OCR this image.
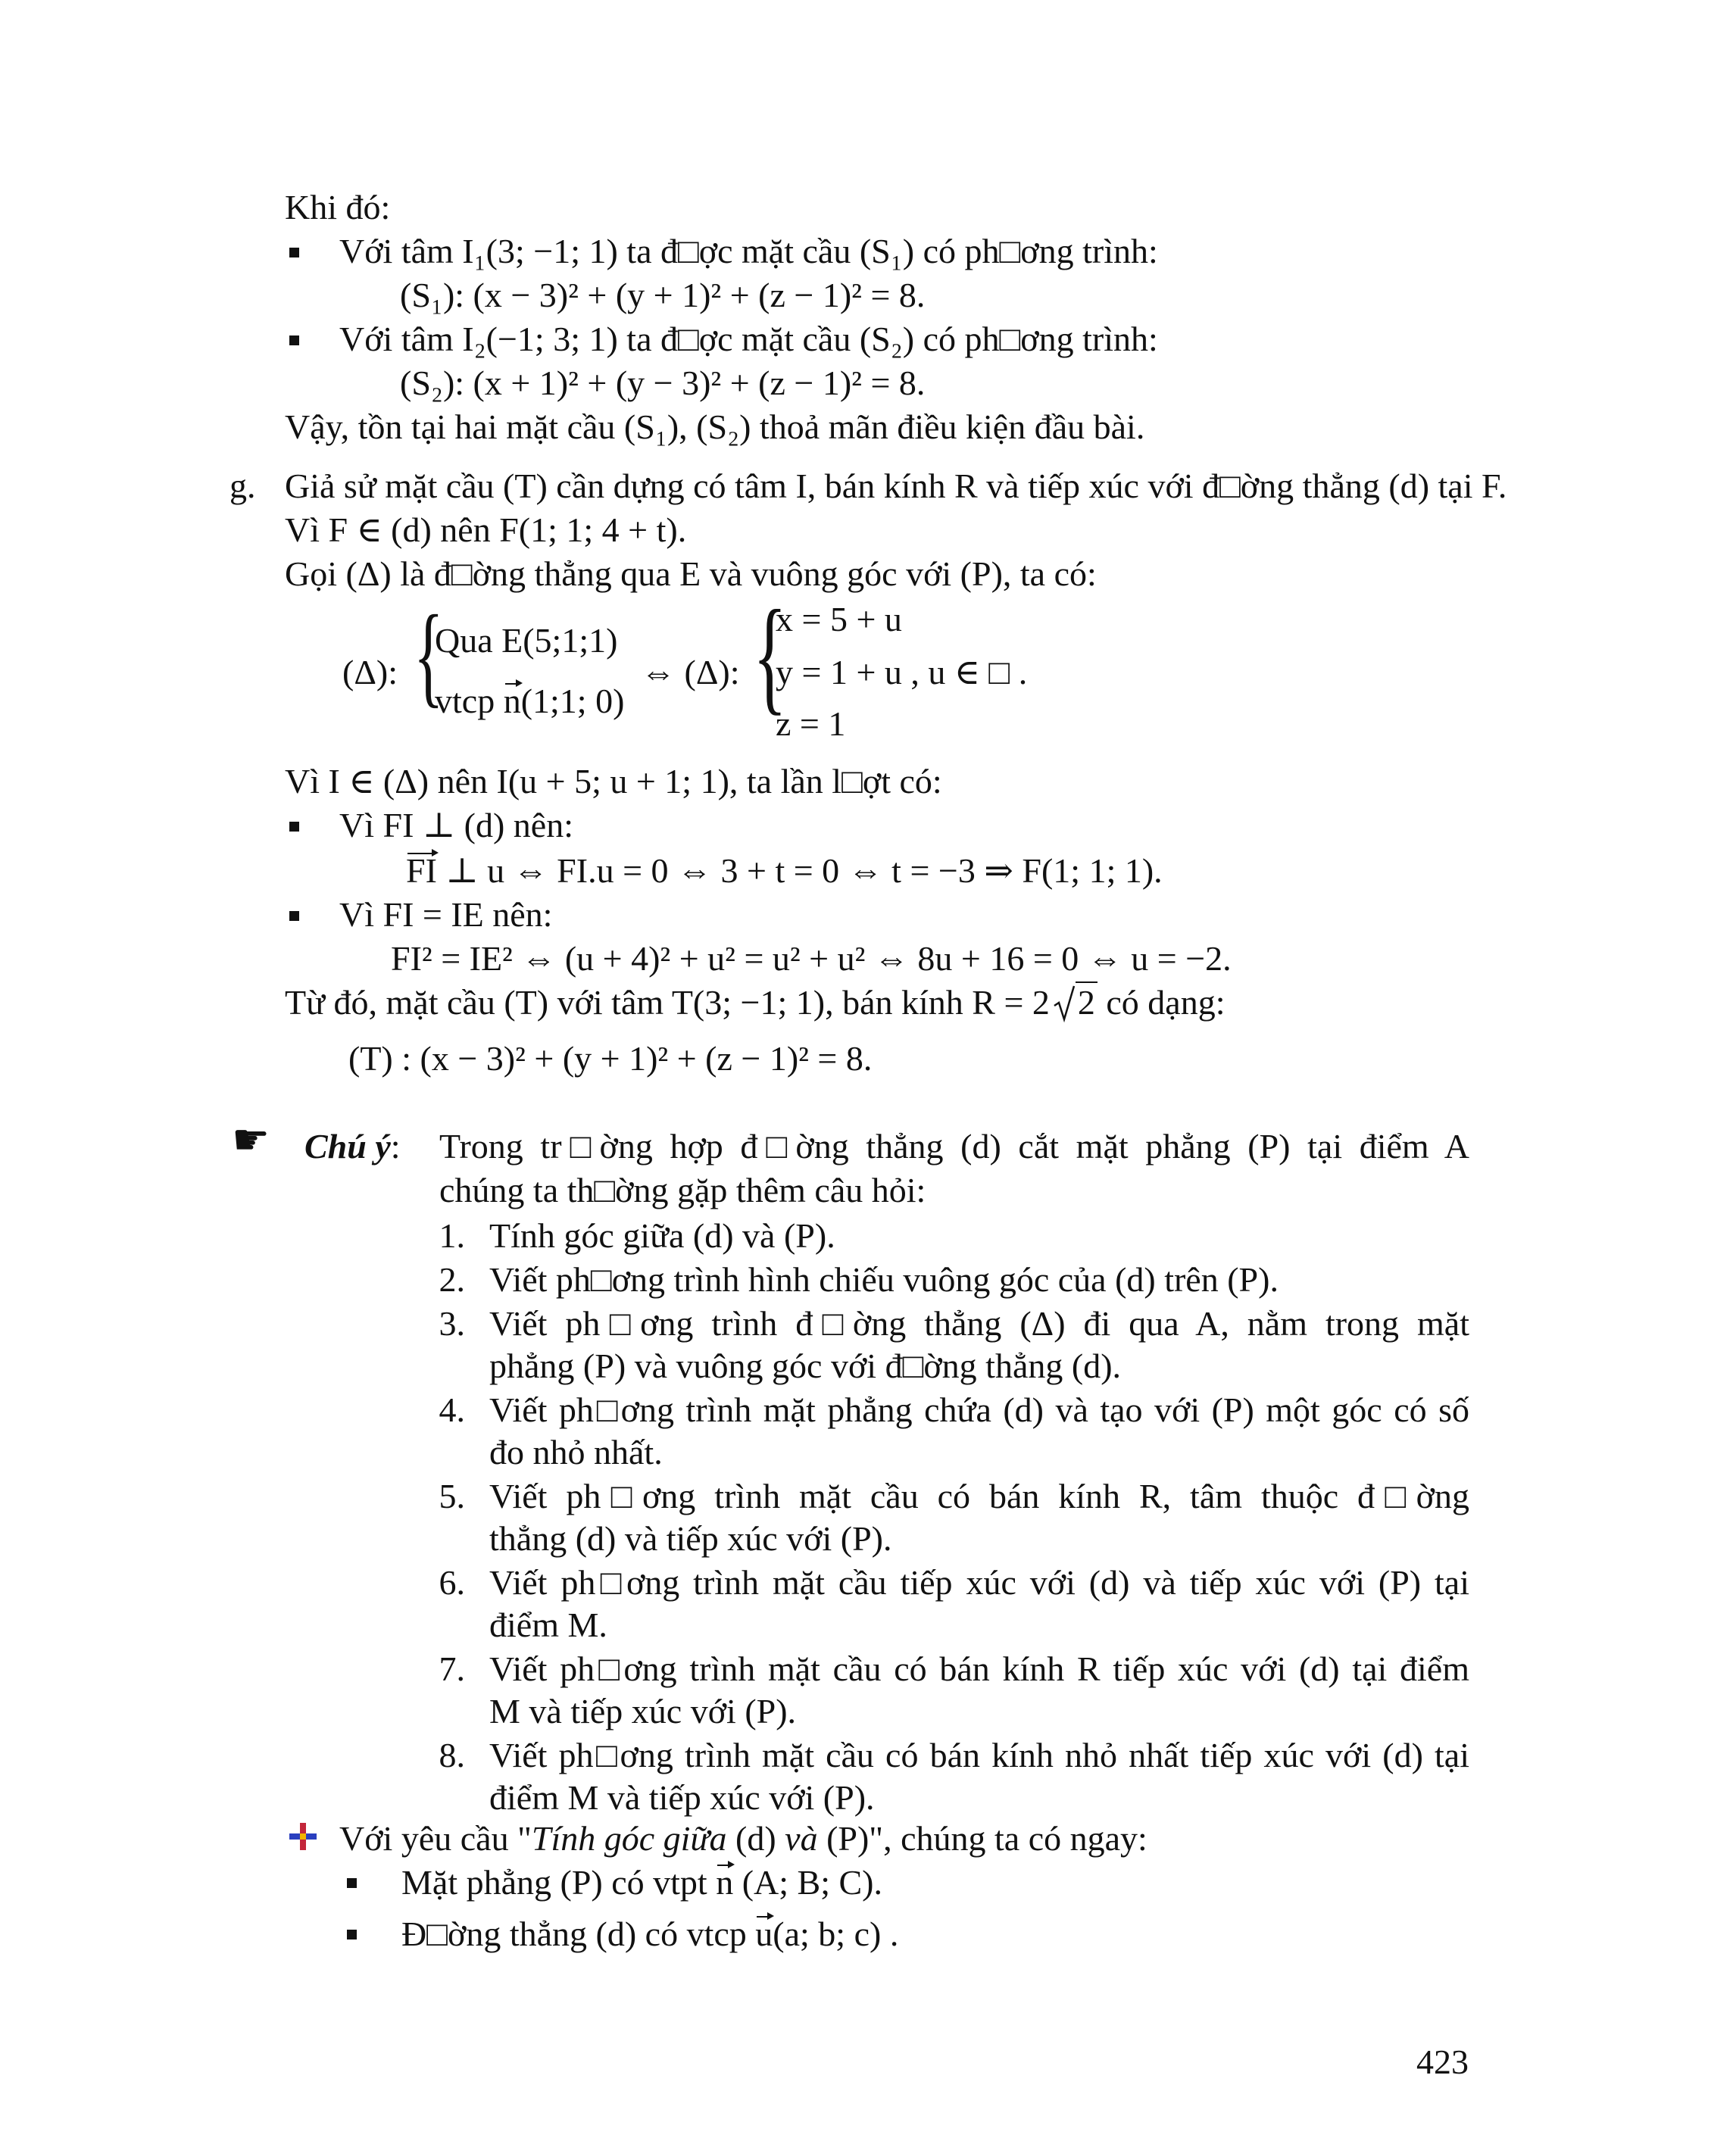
Khi đó:
Với tâm I₁(3; −1; 1) ta đ□ợc mặt cầu (S₁) có ph□ơng trình:
(S₁): (x − 3)² + (y + 1)² + (z − 1)² = 8.
Với tâm I₂(−1; 3; 1) ta đ□ợc mặt cầu (S₂) có ph□ơng trình:
(S₂): (x + 1)² + (y − 3)² + (z − 1)² = 8.
Vậy, tồn tại hai mặt cầu (S₁), (S₂) thoả mãn điều kiện đầu bài.
g. Giả sử mặt cầu (T) cần dựng có tâm I, bán kính R và tiếp xúc với đ□ờng thẳng (d) tại F.
Vì F ∈ (d) nên F(1; 1; 4 + t).
Gọi (Δ) là đ□ờng thẳng qua E và vuông góc với (P), ta có:
(Δ): {
Qua E(5;1;1)
vtcp n(1;1; 0)
⇔ (Δ): {
x = 5 + u
y = 1 + u , u ∈ □ .
z = 1
Vì I ∈ (Δ) nên I(u + 5; u + 1; 1), ta lần l□ợt có:
Vì FI ⊥ (d) nên:
FI ⊥ u ⇔ FI.u = 0 ⇔ 3 + t = 0 ⇔ t = −3 ⇒ F(1; 1; 1).
Vì FI = IE nên:
FI² = IE² ⇔ (u + 4)² + u² = u² + u² ⇔ 8u + 16 = 0 ⇔ u = −2.
Từ đó, mặt cầu (T) với tâm T(3; −1; 1), bán kính R = 2 2 có dạng:
(T) : (x − 3)² + (y + 1)² + (z − 1)² = 8.
☛ Chú ý: Trong tr□ờng hợp đ□ờng thẳng (d) cắt mặt phẳng (P) tại điểm A
chúng ta th□ờng gặp thêm câu hỏi:
1. Tính góc giữa (d) và (P).
2. Viết ph□ơng trình hình chiếu vuông góc của (d) trên (P).
3. Viết ph□ơng trình đ□ờng thẳng (Δ) đi qua A, nằm trong mặt
phẳng (P) và vuông góc với đ□ờng thẳng (d).
4. Viết ph□ơng trình mặt phẳng chứa (d) và tạo với (P) một góc có số
đo nhỏ nhất.
5. Viết ph□ơng trình mặt cầu có bán kính R, tâm thuộc đ□ờng
thẳng (d) và tiếp xúc với (P).
6. Viết ph□ơng trình mặt cầu tiếp xúc với (d) và tiếp xúc với (P) tại
điểm M.
7. Viết ph□ơng trình mặt cầu có bán kính R tiếp xúc với (d) tại điểm
M và tiếp xúc với (P).
8. Viết ph□ơng trình mặt cầu có bán kính nhỏ nhất tiếp xúc với (d) tại
điểm M và tiếp xúc với (P).
Với yêu cầu "Tính góc giữa (d) và (P)", chúng ta có ngay:
Mặt phẳng (P) có vtpt n (A; B; C).
Đ□ờng thẳng (d) có vtcp u(a; b; c) .
423
